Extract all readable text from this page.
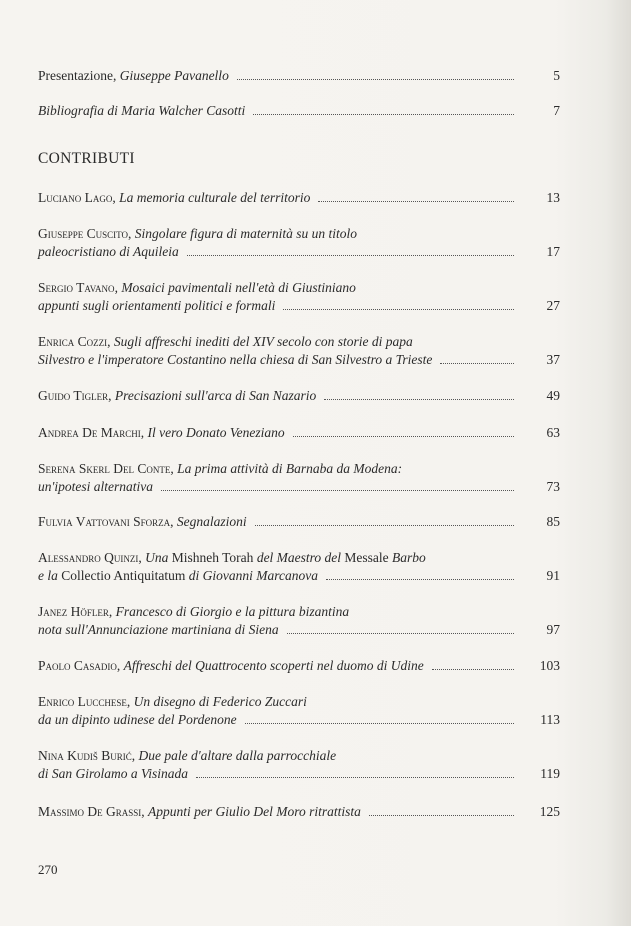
Presentazione, Giuseppe Pavanello	5
Bibliografia di Maria Walcher Casotti	7
CONTRIBUTI
Luciano Lago, La memoria culturale del territorio	13
Giuseppe Cuscito, Singolare figura di maternità su un titolo
paleocristiano di Aquileia	17
Sergio Tavano, Mosaici pavimentali nell'età di Giustiniano
appunti sugli orientamenti politici e formali	27
Enrica Cozzi, Sugli affreschi inediti del XIV secolo con storie di papa
Silvestro e l'imperatore Costantino nella chiesa di San Silvestro a Trieste	37
Guido Tigler, Precisazioni sull'arca di San Nazario	49
Andrea De Marchi, Il vero Donato Veneziano	63
Serena Skerl Del Conte, La prima attività di Barnaba da Modena:
un'ipotesi alternativa	73
Fulvia Vattovani Sforza, Segnalazioni	85
Alessandro Quinzi, Una Mishneh Torah del Maestro del Messale Barbo
e la Collectio Antiquitatum di Giovanni Marcanova	91
Janez Höfler, Francesco di Giorgio e la pittura bizantina
nota sull'Annunciazione martiniana di Siena	97
Paolo Casadio, Affreschi del Quattrocento scoperti nel duomo di Udine	103
Enrico Lucchese, Un disegno di Federico Zuccari
da un dipinto udinese del Pordenone	113
Nina Kudiš Burić, Due pale d'altare dalla parrocchiale
di San Girolamo a Visinada	119
Massimo De Grassi, Appunti per Giulio Del Moro ritrattista	125
270
